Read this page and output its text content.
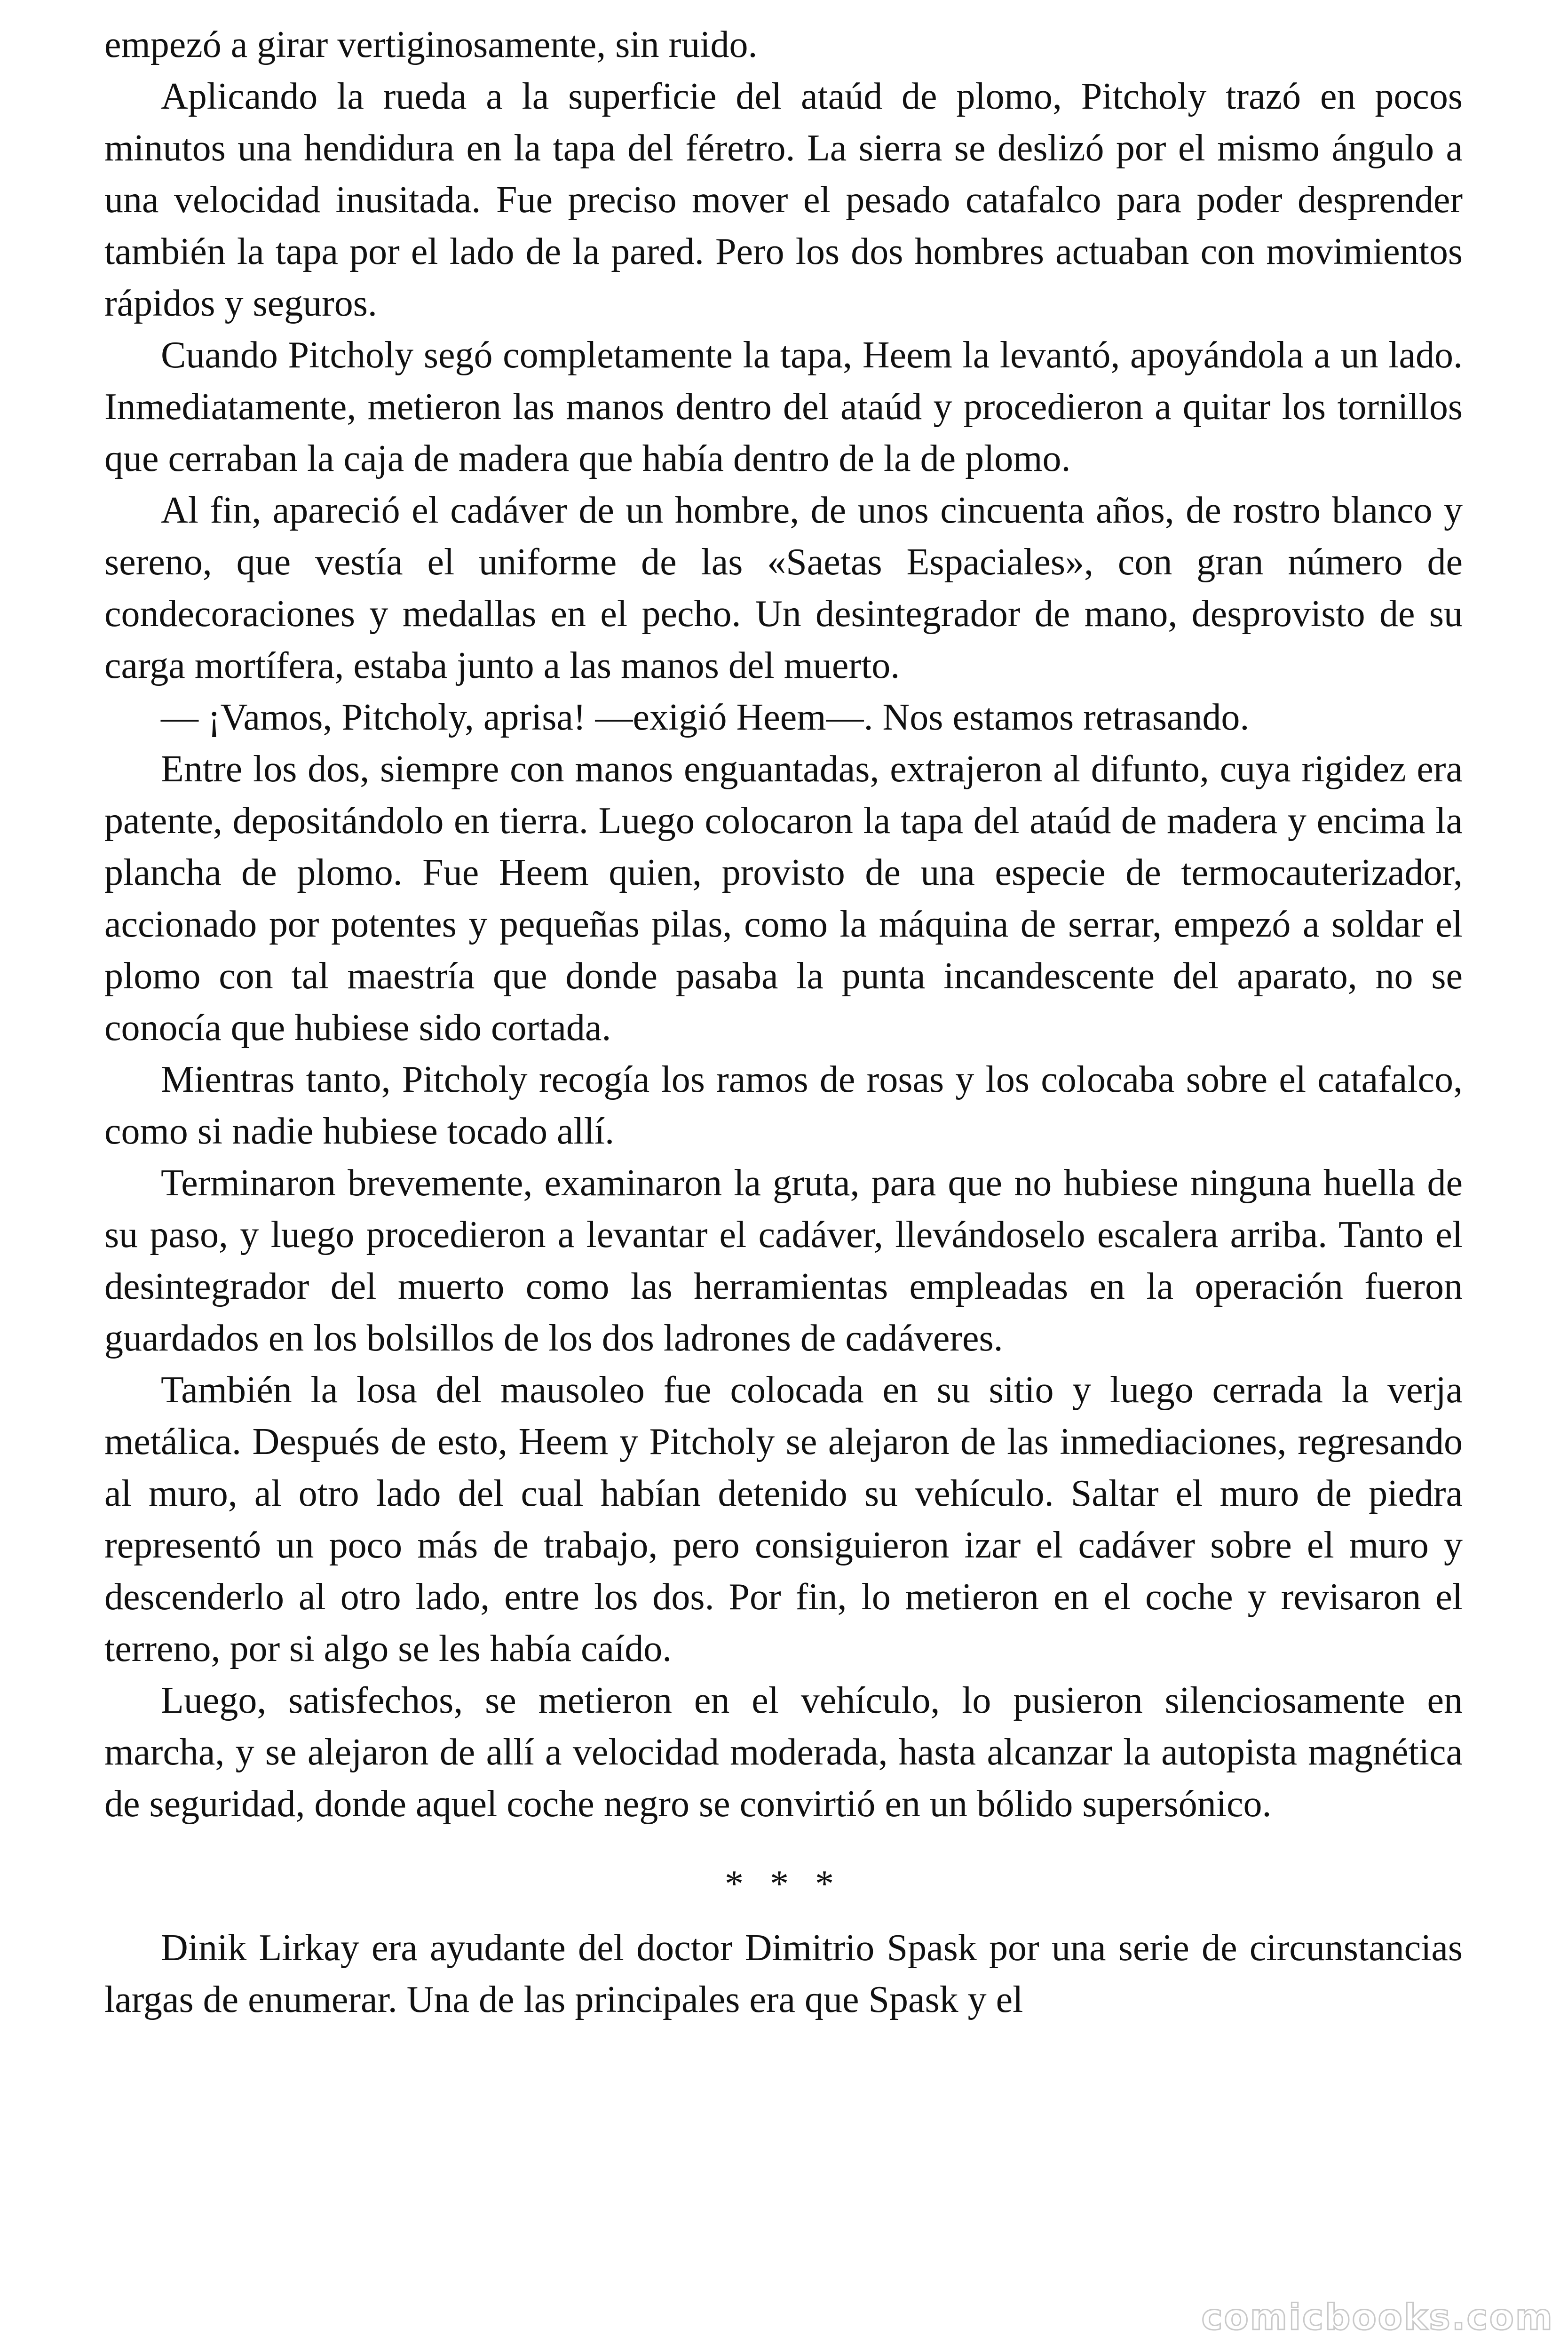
empezó a girar vertiginosamente, sin ruido.

Aplicando la rueda a la superficie del ataúd de plomo, Pitcholy trazó en pocos minutos una hendidura en la tapa del féretro. La sierra se deslizó por el mismo ángulo a una velocidad inusitada. Fue preciso mover el pesado catafalco para poder desprender también la tapa por el lado de la pared. Pero los dos hombres actuaban con movimientos rápidos y seguros.

Cuando Pitcholy segó completamente la tapa, Heem la levantó, apoyándola a un lado. Inmediatamente, metieron las manos dentro del ataúd y procedieron a quitar los tornillos que cerraban la caja de madera que había dentro de la de plomo.

Al fin, apareció el cadáver de un hombre, de unos cincuenta años, de rostro blanco y sereno, que vestía el uniforme de las «Saetas Espaciales», con gran número de condecoraciones y medallas en el pecho. Un desintegrador de mano, desprovisto de su carga mortífera, estaba junto a las manos del muerto.

— ¡Vamos, Pitcholy, aprisa! —exigió Heem—. Nos estamos retrasando.

Entre los dos, siempre con manos enguantadas, extrajeron al difunto, cuya rigidez era patente, depositándolo en tierra. Luego colocaron la tapa del ataúd de madera y encima la plancha de plomo. Fue Heem quien, provisto de una especie de termocauterizador, accionado por potentes y pequeñas pilas, como la máquina de serrar, empezó a soldar el plomo con tal maestría que donde pasaba la punta incandescente del aparato, no se conocía que hubiese sido cortada.

Mientras tanto, Pitcholy recogía los ramos de rosas y los colocaba sobre el catafalco, como si nadie hubiese tocado allí.

Terminaron brevemente, examinaron la gruta, para que no hubiese ninguna huella de su paso, y luego procedieron a levantar el cadáver, llevándoselo escalera arriba. Tanto el desintegrador del muerto como las herramientas empleadas en la operación fueron guardados en los bolsillos de los dos ladrones de cadáveres.

También la losa del mausoleo fue colocada en su sitio y luego cerrada la verja metálica. Después de esto, Heem y Pitcholy se alejaron de las inmediaciones, regresando al muro, al otro lado del cual habían detenido su vehículo. Saltar el muro de piedra representó un poco más de trabajo, pero consiguieron izar el cadáver sobre el muro y descenderlo al otro lado, entre los dos. Por fin, lo metieron en el coche y revisaron el terreno, por si algo se les había caído.

Luego, satisfechos, se metieron en el vehículo, lo pusieron silenciosamente en marcha, y se alejaron de allí a velocidad moderada, hasta alcanzar la autopista magnética de seguridad, donde aquel coche negro se convirtió en un bólido supersónico.

* * *

Dinik Lirkay era ayudante del doctor Dimitrio Spask por una serie de circunstancias largas de enumerar. Una de las principales era que Spask y el

comicbooks.com
